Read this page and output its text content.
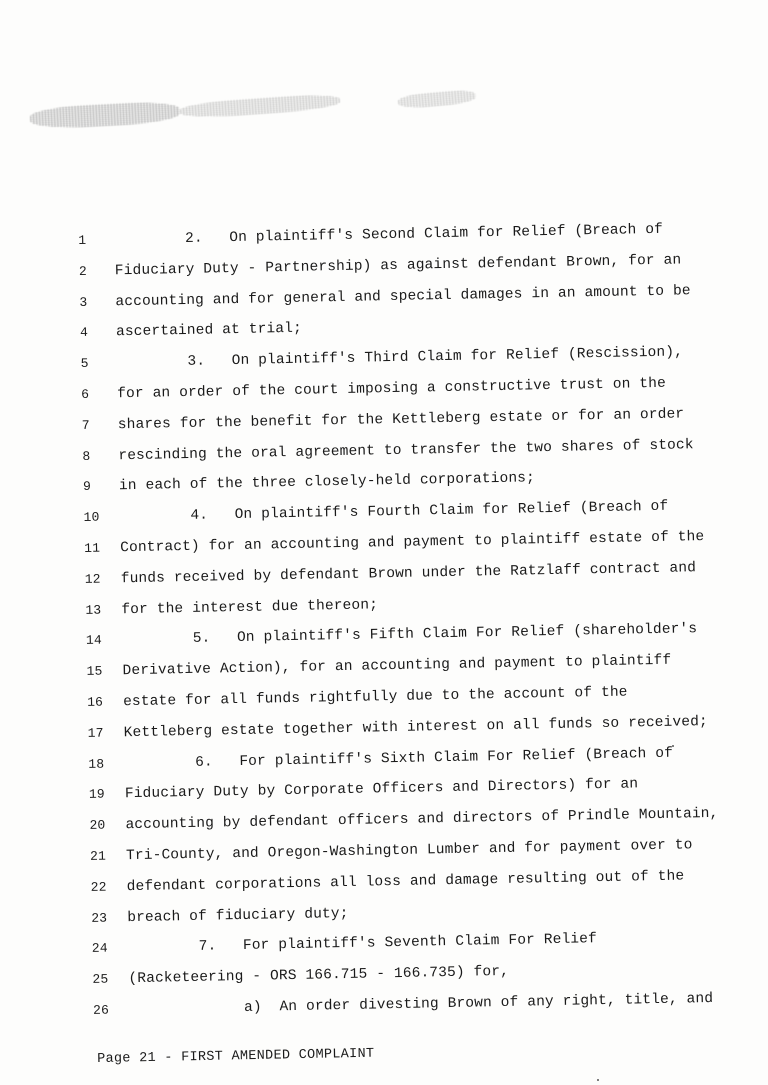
1	2.   On plaintiff's Second Claim for Relief (Breach of
2	Fiduciary Duty - Partnership) as against defendant Brown, for an
3	accounting and for general and special damages in an amount to be
4	ascertained at trial;
5	3.   On plaintiff's Third Claim for Relief (Rescission),
6	for an order of the court imposing a constructive trust on the
7	shares for the benefit for the Kettleberg estate or for an order
8	rescinding the oral agreement to transfer the two shares of stock
9	in each of the three closely-held corporations;
10	4.   On plaintiff's Fourth Claim for Relief (Breach of
11	Contract) for an accounting and payment to plaintiff estate of the
12	funds received by defendant Brown under the Ratzlaff contract and
13	for the interest due thereon;
14	5.   On plaintiff's Fifth Claim For Relief (shareholder's
15	Derivative Action), for an accounting and payment to plaintiff
16	estate for all funds rightfully due to the account of the
17	Kettleberg estate together with interest on all funds so received;
18	6.   For plaintiff's Sixth Claim For Relief (Breach of
19	Fiduciary Duty by Corporate Officers and Directors) for an
20	accounting by defendant officers and directors of Prindle Mountain,
21	Tri-County, and Oregon-Washington Lumber and for payment over to
22	defendant corporations all loss and damage resulting out of the
23	breach of fiduciary duty;
24	7.   For plaintiff's Seventh Claim For Relief
25	(Racketeering - ORS 166.715 - 166.735) for,
26	a)  An order divesting Brown of any right, title, and
Page 21 - FIRST AMENDED COMPLAINT
